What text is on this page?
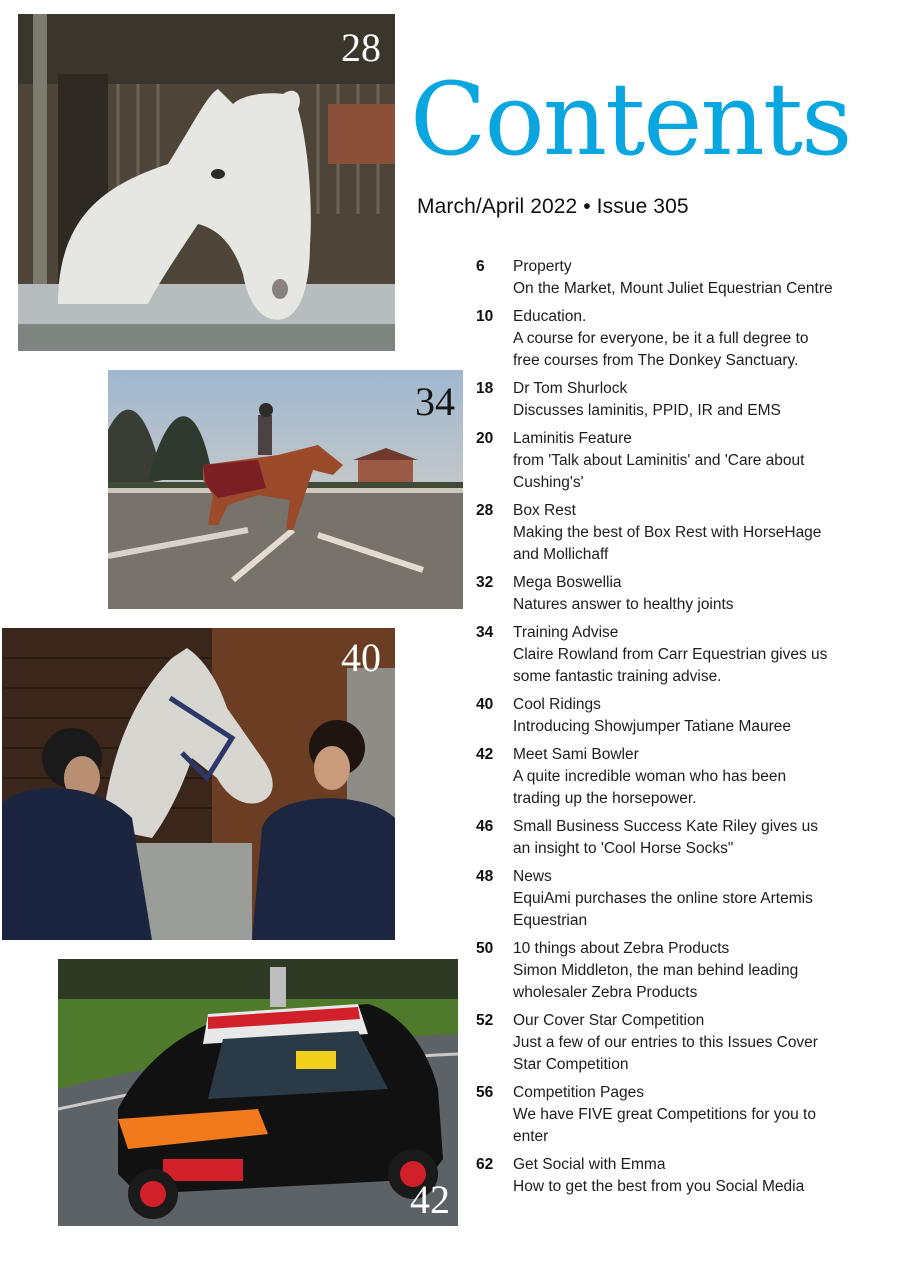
28
34
40
42
Contents
March/April 2022 • Issue 305
6	Property
On the Market, Mount Juliet Equestrian Centre
10	Education.
A course for everyone, be it a full degree to
free courses from The Donkey Sanctuary.
18	Dr Tom Shurlock
Discusses laminitis, PPID, IR and EMS
20	Laminitis Feature
from 'Talk about Laminitis' and 'Care about
Cushing's'
28	Box Rest
Making the best of Box Rest with HorseHage
and Mollichaff
32	Mega Boswellia
Natures answer to healthy joints
34	Training Advise
Claire Rowland from Carr Equestrian gives us
some fantastic training advise.
40	Cool Ridings
Introducing Showjumper Tatiane Mauree
42	Meet Sami Bowler
A quite incredible woman who has been
trading up the horsepower.
46	Small Business Success Kate Riley gives us
an insight to 'Cool Horse Socks"
48	News
EquiAmi purchases the online store Artemis
Equestrian
50	10 things about Zebra Products
Simon Middleton, the man behind leading
wholesaler Zebra Products
52	Our Cover Star Competition
Just a few of our entries to this Issues Cover
Star Competition
56	Competition Pages
We have FIVE great Competitions for you to
enter
62	Get Social with Emma
How to get the best from you Social Media
